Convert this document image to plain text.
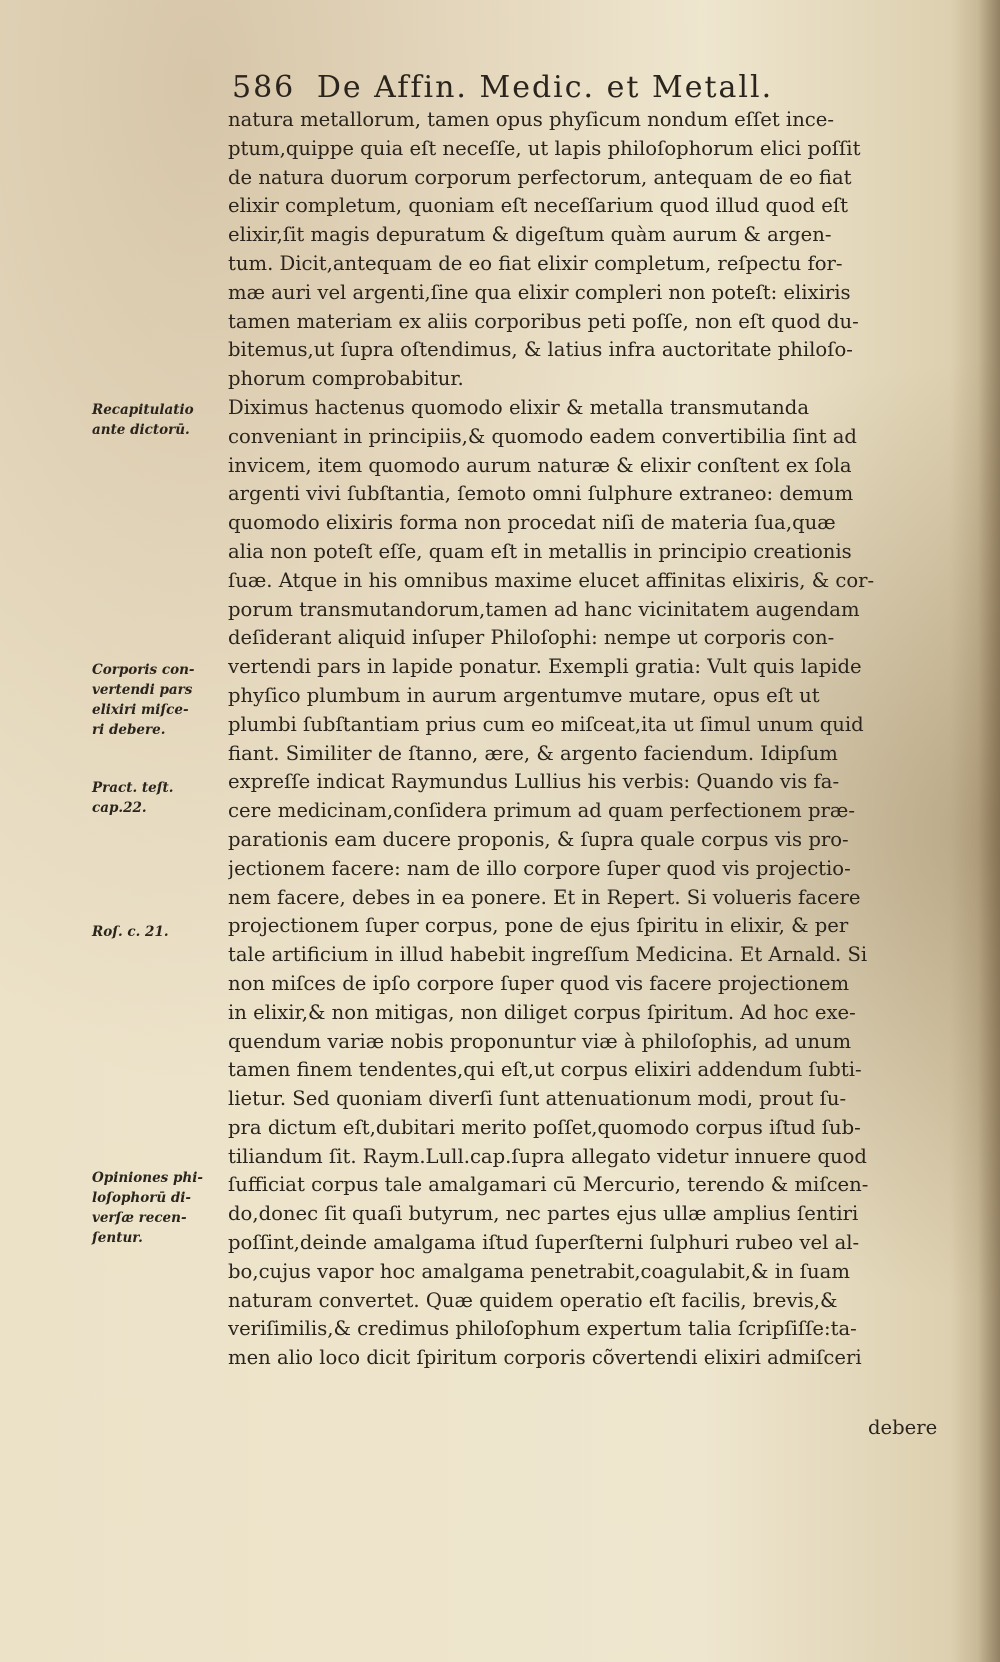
586 De Affin. Medic. et Metall.
natura metallorum, tamen opus phyſicum nondum eſſet ince-
ptum,quippe quia eſt neceſſe, ut lapis philoſophorum elici poſſit
de natura duorum corporum perfectorum, antequam de eo fiat
elixir completum, quoniam eſt neceſſarium quod illud quod eſt
elixir,ſit magis depuratum & digeſtum quàm aurum & argen-
tum. Dicit,antequam de eo fiat elixir completum, reſpectu for-
mæ auri vel argenti,ſine qua elixir compleri non poteſt: elixiris
tamen materiam ex aliis corporibus peti poſſe, non eſt quod du-
bitemus,ut ſupra oſtendimus, & latius infra auctoritate philoſo-
phorum comprobabitur.
Diximus hactenus quomodo elixir & metalla transmutanda
conveniant in principiis,& quomodo eadem convertibilia ſint ad
invicem, item quomodo aurum naturæ & elixir conſtent ex ſola
argenti vivi ſubſtantia, ſemoto omni ſulphure extraneo: demum
quomodo elixiris forma non procedat niſi de materia ſua,quæ
alia non poteſt eſſe, quam eſt in metallis in principio creationis
ſuæ. Atque in his omnibus maxime elucet affinitas elixiris, & cor-
porum transmutandorum,tamen ad hanc vicinitatem augendam
deſiderant aliquid inſuper Philoſophi: nempe ut corporis con-
vertendi pars in lapide ponatur. Exempli gratia: Vult quis lapide
phyſico plumbum in aurum argentumve mutare, opus eſt ut
plumbi ſubſtantiam prius cum eo miſceat,ita ut ſimul unum quid
fiant. Similiter de ſtanno, ære, & argento faciendum. Idipſum
expreſſe indicat Raymundus Lullius his verbis: Quando vis fa-
cere medicinam,conſidera primum ad quam perfectionem præ-
parationis eam ducere proponis, & ſupra quale corpus vis pro-
jectionem facere: nam de illo corpore ſuper quod vis projectio-
nem facere, debes in ea ponere. Et in Repert. Si volueris facere
projectionem ſuper corpus, pone de ejus ſpiritu in elixir, & per
tale artificium in illud habebit ingreſſum Medicina. Et Arnald. Si
non miſces de ipſo corpore ſuper quod vis facere projectionem
in elixir,& non mitigas, non diliget corpus ſpiritum. Ad hoc exe-
quendum variæ nobis proponuntur viæ à philoſophis, ad unum
tamen finem tendentes,qui eſt,ut corpus elixiri addendum ſubti-
lietur. Sed quoniam diverſi ſunt attenuationum modi, prout ſu-
pra dictum eſt,dubitari merito poſſet,quomodo corpus iſtud ſub-
tiliandum ſit. Raym.Lull.cap.ſupra allegato videtur innuere quod
ſufficiat corpus tale amalgamari cū Mercurio, terendo & miſcen-
do,donec ſit quaſi butyrum, nec partes ejus ullæ amplius ſentiri
poſſint,deinde amalgama iſtud ſuperſterni ſulphuri rubeo vel al-
bo,cujus vapor hoc amalgama penetrabit,coagulabit,& in ſuam
naturam convertet. Quæ quidem operatio eſt facilis, brevis,&
veriſimilis,& credimus philoſophum expertum talia ſcripſiſſe:ta-
men alio loco dicit ſpiritum corporis cõvertendi elixiri admiſceri
Recapitulatio
ante dictorū.
Corporis con-
vertendi pars
elixiri miſce-
ri debere.
Pract. teſt.
cap.22.
Roſ. c. 21.
Opiniones phi-
loſophorū di-
verſæ recen-
ſentur.
debere
